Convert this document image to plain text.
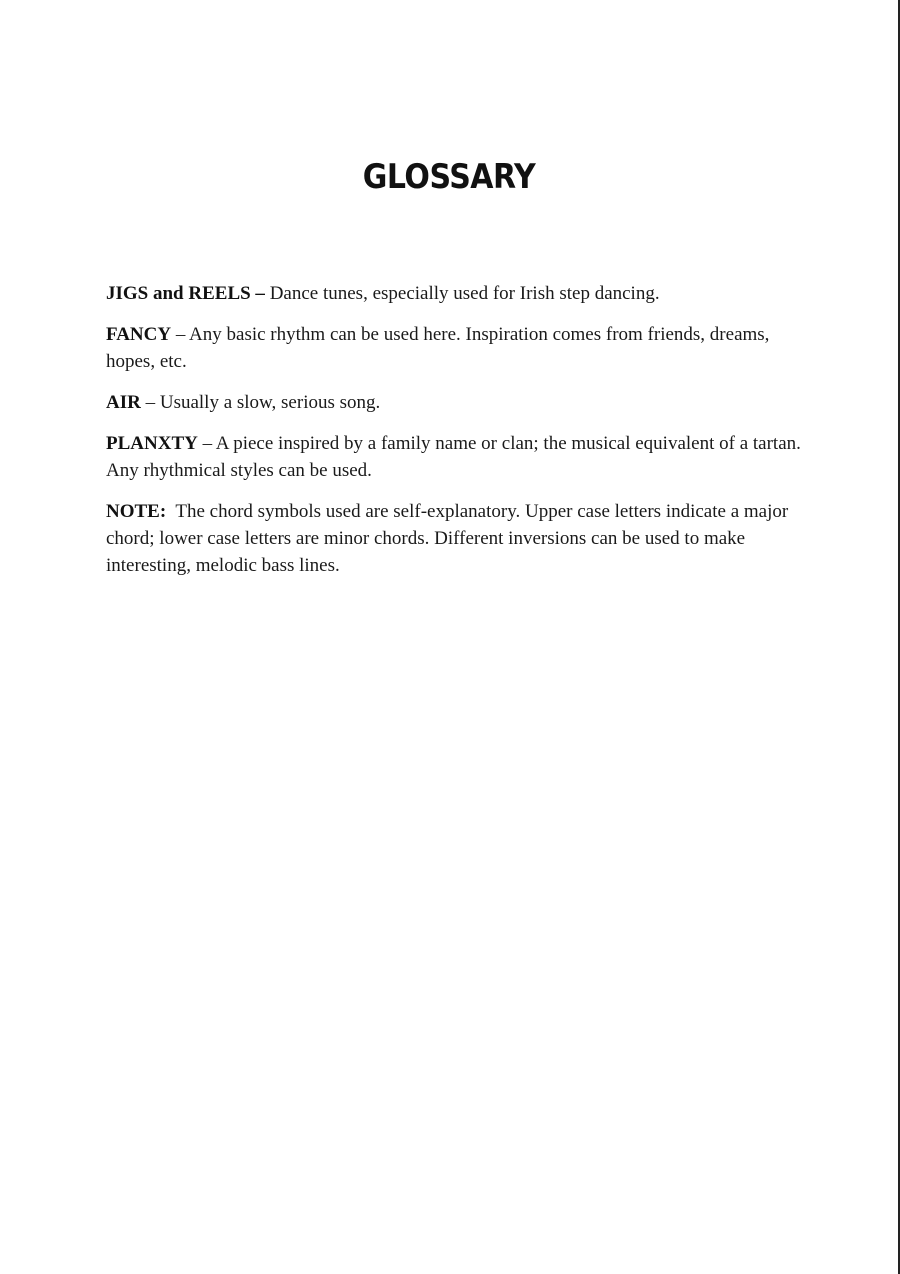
GLOSSARY

JIGS and REELS – Dance tunes, especially used for Irish step dancing.

FANCY – Any basic rhythm can be used here. Inspiration comes from friends, dreams, hopes, etc.

AIR – Usually a slow, serious song.

PLANXTY – A piece inspired by a family name or clan; the musical equivalent of a tartan. Any rhythmical styles can be used.

NOTE:  The chord symbols used are self-explanatory. Upper case letters indicate a major chord; lower case letters are minor chords. Different inversions can be used to make interesting, melodic bass lines.
